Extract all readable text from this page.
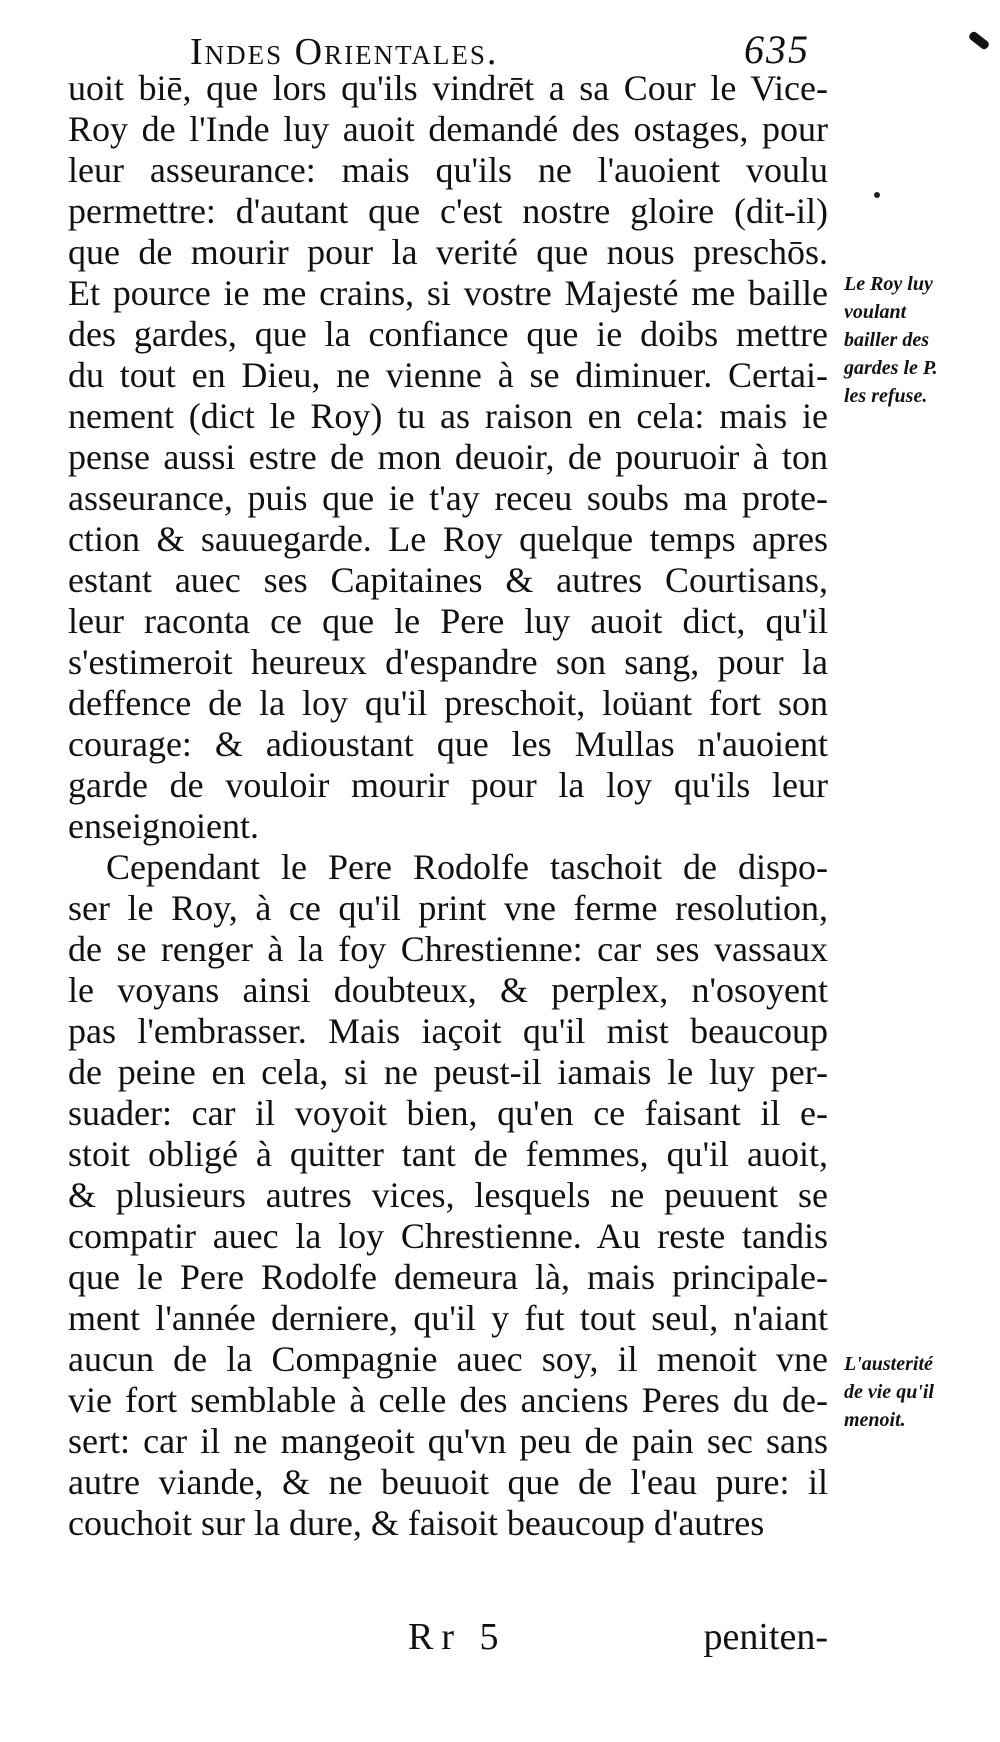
Indes Orientales.	635
uoit biē, que lors qu'ils vindrēt a sa Cour le Vice-
Roy de l'Inde luy auoit demandé des ostages, pour
leur asseurance: mais qu'ils ne l'auoient voulu
permettre: d'autant que c'est nostre gloire (dit-il)
que de mourir pour la verité que nous preschōs.
Et pource ie me crains, si vostre Majesté me baille
des gardes, que la confiance que ie doibs mettre
du tout en Dieu, ne vienne à se diminuer. Certai-
nement (dict le Roy) tu as raison en cela: mais ie
pense aussi estre de mon deuoir, de pouruoir à ton
asseurance, puis que ie t'ay receu soubs ma prote-
ction & sauuegarde. Le Roy quelque temps apres
estant auec ses Capitaines & autres Courtisans,
leur raconta ce que le Pere luy auoit dict, qu'il
s'estimeroit heureux d'espandre son sang, pour la
deffence de la loy qu'il preschoit, loüant fort son
courage: & adioustant que les Mullas n'auoient
garde de vouloir mourir pour la loy qu'ils leur
enseignoient.
Cependant le Pere Rodolfe taschoit de dispo-
ser le Roy, à ce qu'il print vne ferme resolution,
de se renger à la foy Chrestienne: car ses vassaux
le voyans ainsi doubteux, & perplex, n'osoyent
pas l'embrasser. Mais iaçoit qu'il mist beaucoup
de peine en cela, si ne peust-il iamais le luy per-
suader: car il voyoit bien, qu'en ce faisant il e-
stoit obligé à quitter tant de femmes, qu'il auoit,
& plusieurs autres vices, lesquels ne peuuent se
compatir auec la loy Chrestienne. Au reste tandis
que le Pere Rodolfe demeura là, mais principale-
ment l'année derniere, qu'il y fut tout seul, n'aiant
aucun de la Compagnie auec soy, il menoit vne
vie fort semblable à celle des anciens Peres du de-
sert: car il ne mangeoit qu'vn peu de pain sec sans
autre viande, & ne beuuoit que de l'eau pure: il
couchoit sur la dure, & faisoit beaucoup d'autres
Le Roy luy
voulant
bailler des
gardes le P.
les refuse.
L'austerité
de vie qu'il
menoit.
Rr 5	peniten-
